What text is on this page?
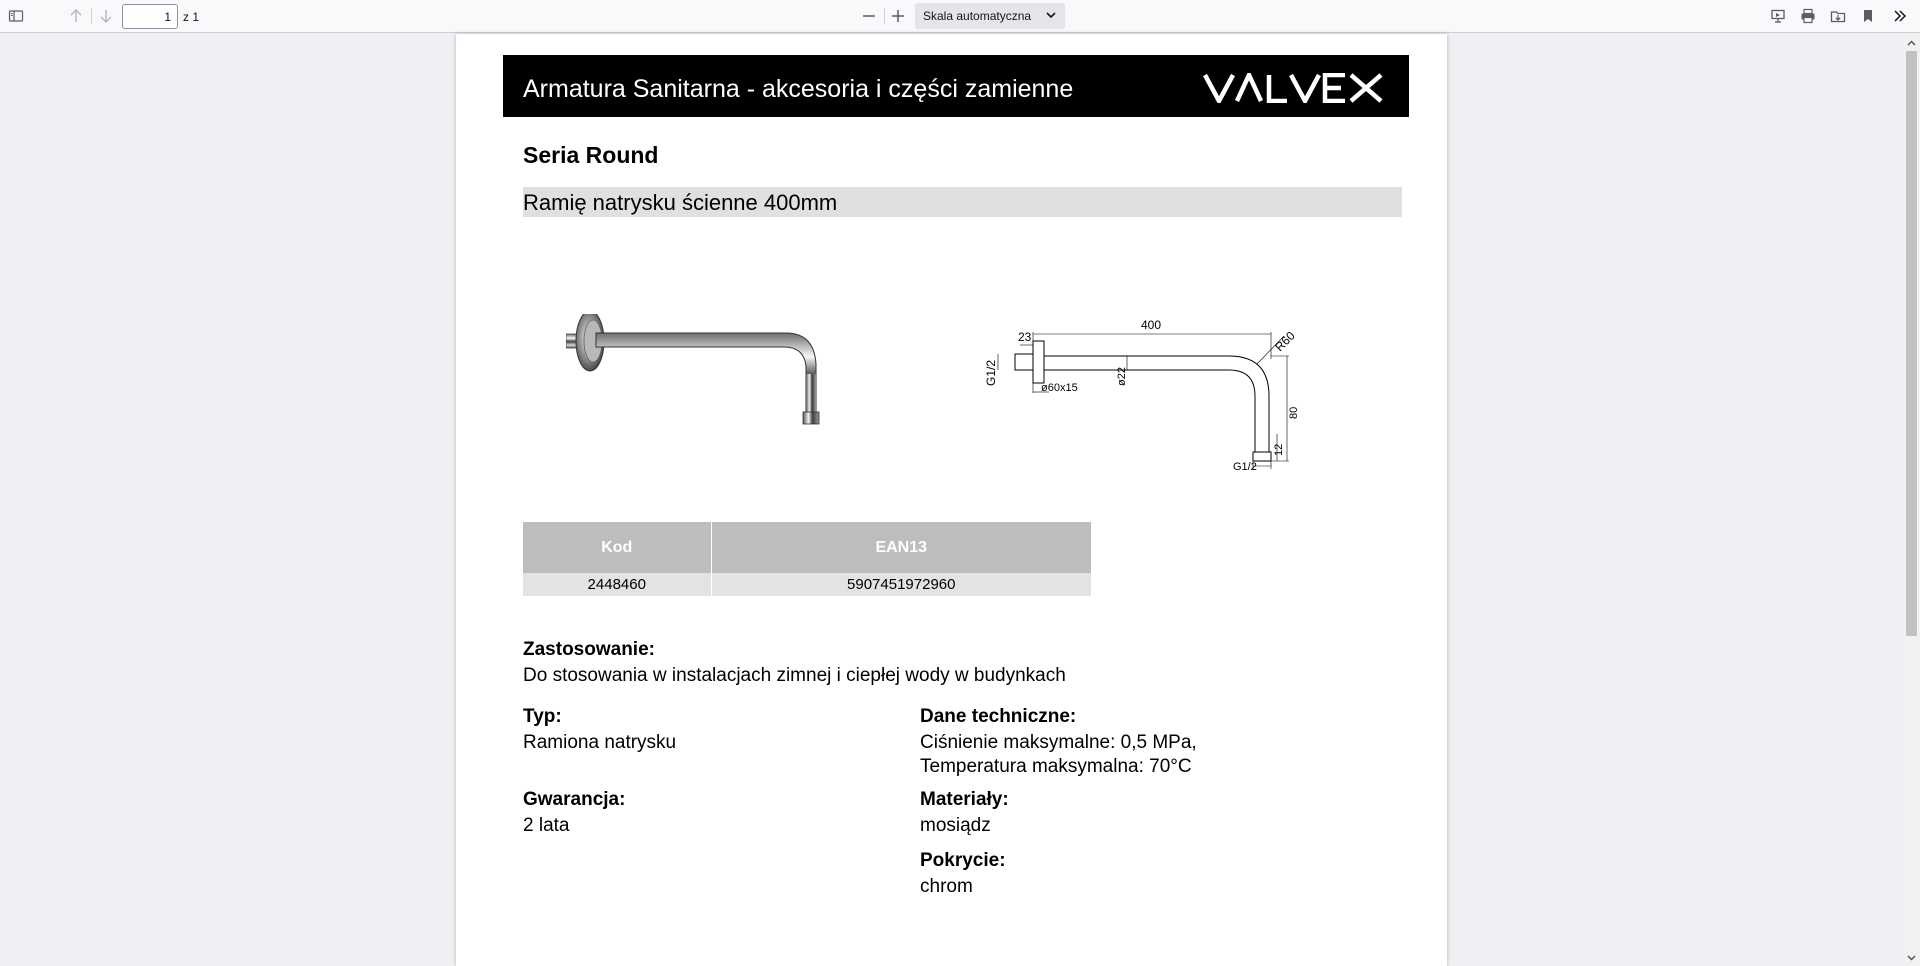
1
z 1	Skala automatyczna
Armatura Sanitarna - akcesoria i części zamienne
Seria Round
Ramię natrysku ścienne 400mm
400
23	R60
G1/2
ø60x15
ø22
80
12
G1/2
Kod	EAN13
2448460	5907451972960
Zastosowanie:
Do stosowania w instalacjach zimnej i ciepłej wody w budynkach
Typ:
Ramiona natrysku
Dane techniczne:
Ciśnienie maksymalne: 0,5 MPa,
Temperatura maksymalna: 70°C
Gwarancja:
2 lata
Materiały:
mosiądz
Pokrycie:
chrom
